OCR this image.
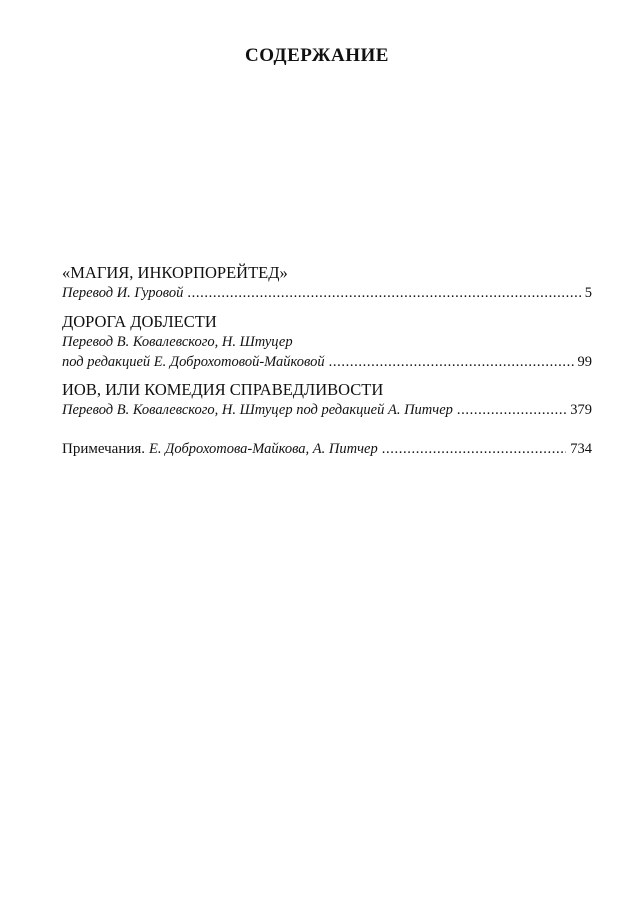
СОДЕРЖАНИЕ
«МАГИЯ, ИНКОРПОРЕЙТЕД»
Перевод И. Гуровой . . .	5
ДОРОГА ДОБЛЕСТИ
Перевод В. Ковалевского, Н. Штуцер
под редакцией Е. Доброхотовой-Майковой . . .	99
ИОВ, ИЛИ КОМЕДИЯ СПРАВЕДЛИВОСТИ
Перевод В. Ковалевского, Н. Штуцер под редакцией А. Питчер . . .	379
Примечания. Е. Доброхотова-Майкова, А. Питчер . . .	734
